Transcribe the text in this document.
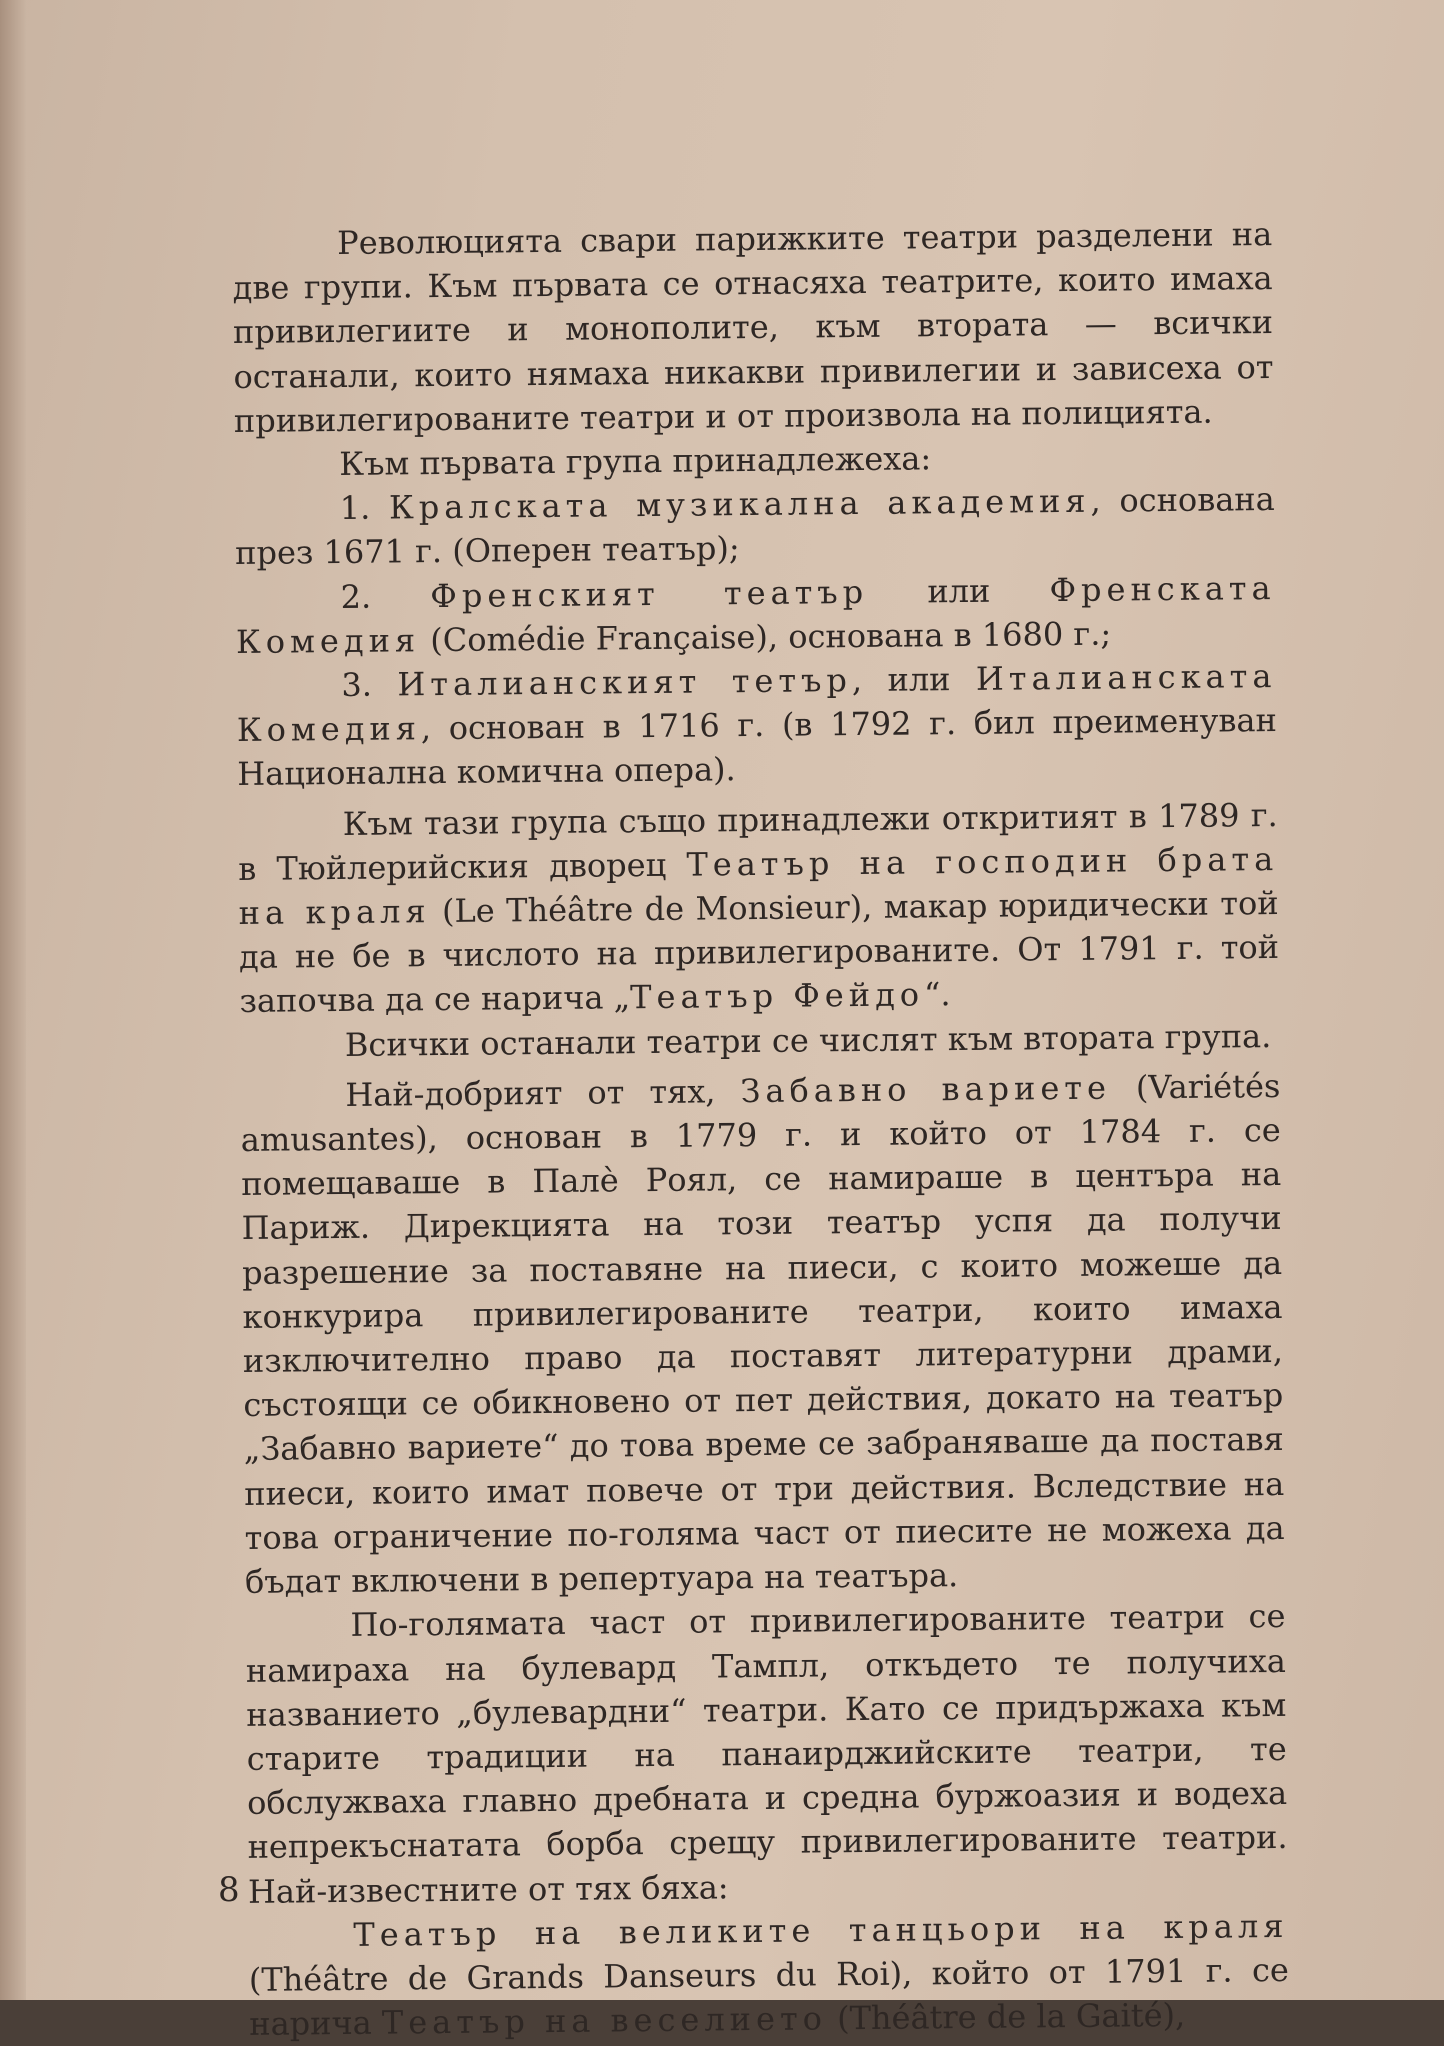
Революцията свари парижките театри разделени на две групи. Към първата се отнасяха театрите, които имаха привилегиите и монополите, към втората — всички останали, които нямаха никакви привилегии и зависеха от привилегированите театри и от произвола на полицията.

Към първата група принадлежеха:

1. Кралската музикална академия, основана през 1671 г. (Оперен театър);

2. Френският театър или Френската Комедия (Comédie Française), основана в 1680 г.;

3. Италианският тетър, или Италианската Комедия, основан в 1716 г. (в 1792 г. бил преименуван Национална комична опера).

Към тази група също принадлежи откритият в 1789 г. в Тюйлерийския дворец Театър на господин брата на краля (Le Théâtre de Monsieur), макар юридически той да не бе в числото на привилегированите. От 1791 г. той започва да се нарича „Театър Фейдо“.

Всички останали театри се числят към втората група.

Най-добрият от тях, Забавно вариете (Variétés amusantes), основан в 1779 г. и който от 1784 г. се помещаваше в Палѐ Роял, се намираше в центъра на Париж. Дирекцията на този театър успя да получи разрешение за поставяне на пиеси, с които можеше да конкурира привилегированите театри, които имаха изключително право да поставят литературни драми, състоящи се обикновено от пет действия, докато на театър „Забавно вариете“ до това време се забраняваше да поставя пиеси, които имат повече от три действия. Вследствие на това ограничение по-голяма част от пиесите не можеха да бъдат включени в репертуара на театъра.

По-голямата част от привилегированите театри се намираха на булевард Тампл, откъдето те получиха названието „булевардни“ театри. Като се придържаха към старите традиции на панаирджийските театри, те обслужваха главно дребната и средна буржоазия и водеха непрекъснатата борба срещу привилегированите театри. Най-известните от тях бяха:

Театър на великите танцьори на краля (Théâtre de Grands Danseurs du Roi), който от 1791 г. се нарича Театър на веселието (Théâtre de la Gaité),

8
